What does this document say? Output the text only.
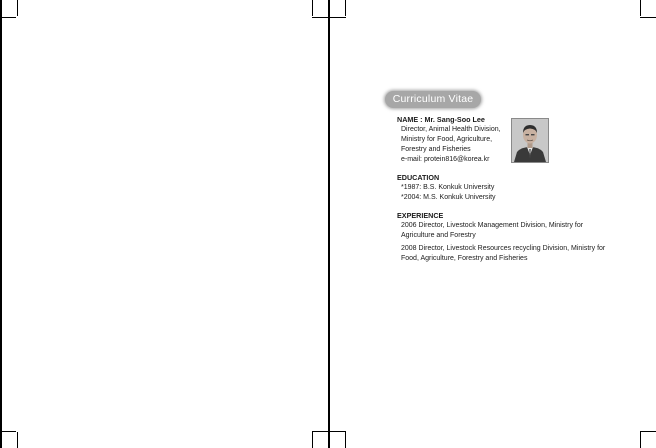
Curriculum Vitae
NAME : Mr. Sang-Soo Lee
Director, Animal Health Division,
Ministry for Food, Agriculture,
Forestry and Fisheries
e-mail: protein816@korea.kr
EDUCATION
*1987: B.S. Konkuk University
*2004: M.S. Konkuk University
EXPERIENCE
2006 Director, Livestock Management Division, Ministry for
Agriculture and Forestry
2008 Director, Livestock Resources recycling Division, Ministry for
Food, Agriculture, Forestry and Fisheries
